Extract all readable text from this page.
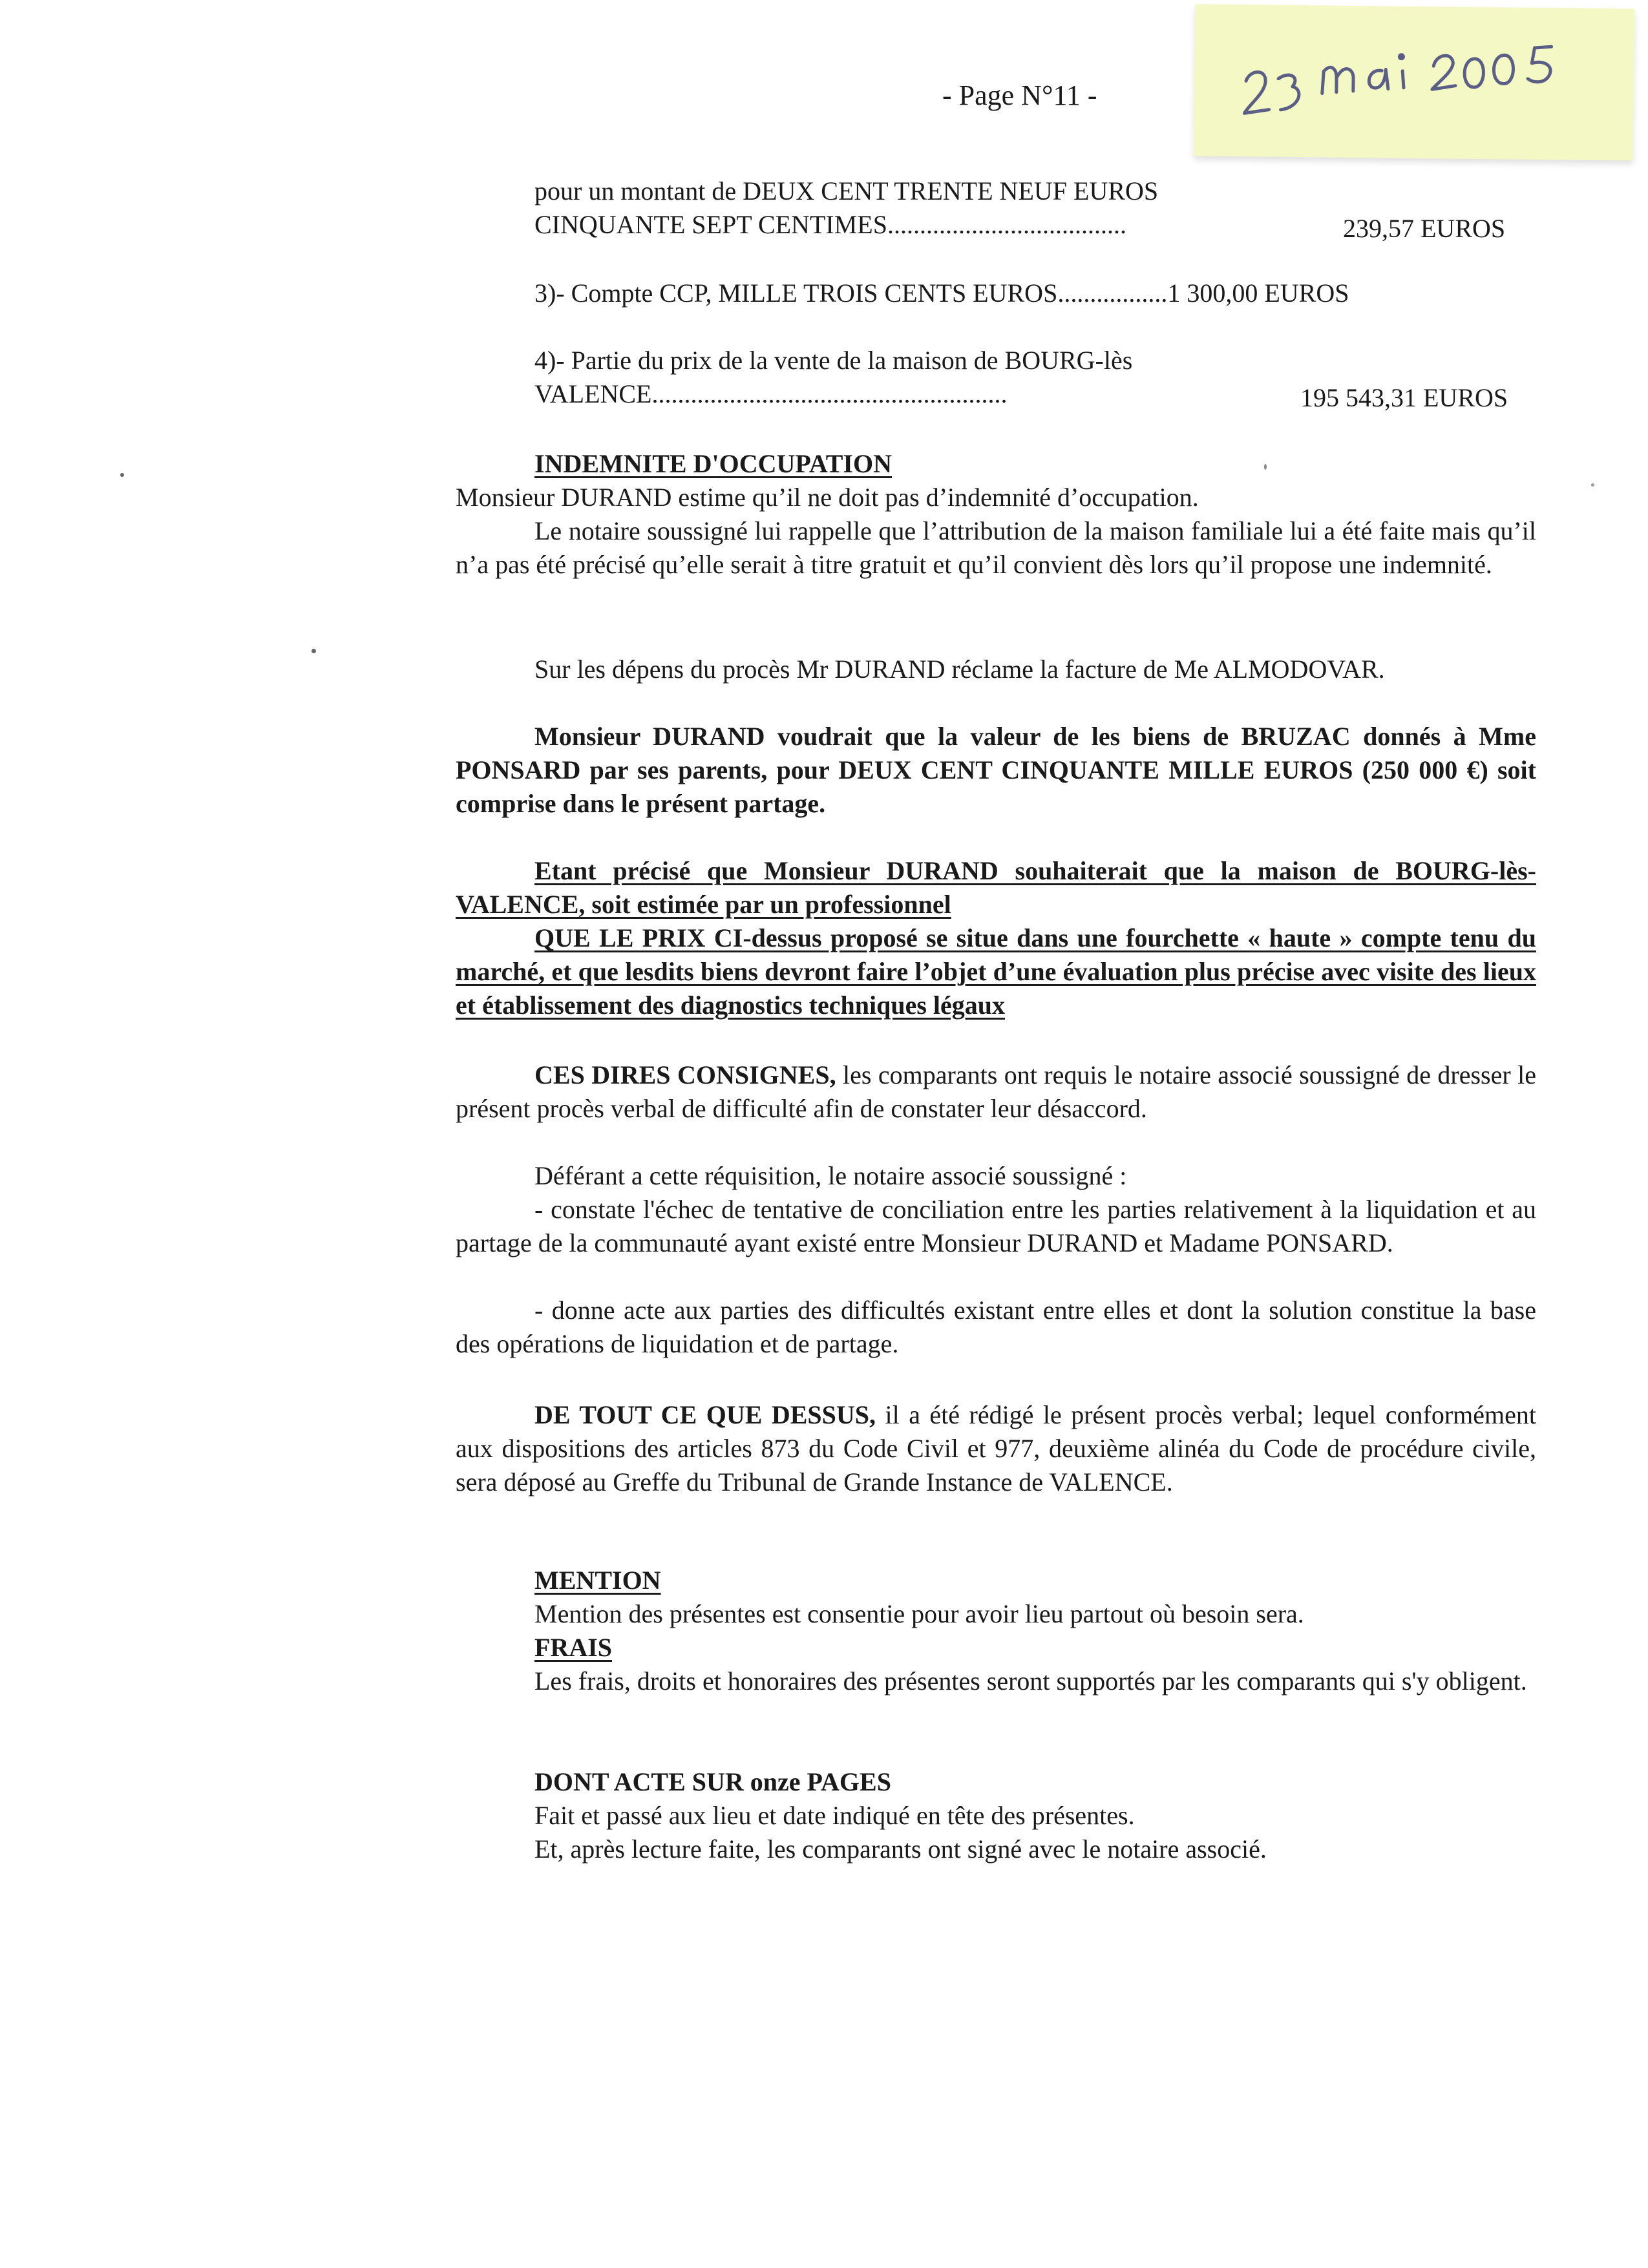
- Page N°11 -
pour un montant de DEUX CENT TRENTE NEUF EUROS
CINQUANTE SEPT CENTIMES.....................................	239,57 EUROS
3)- Compte CCP, MILLE TROIS CENTS EUROS.................1 300,00 EUROS
4)- Partie du prix de la vente de la maison de BOURG-lès
VALENCE.......................................................	195 543,31 EUROS
INDEMNITE D'OCCUPATION
Monsieur DURAND estime qu’il ne doit pas d’indemnité d’occupation.
Le notaire soussigné lui rappelle que l’attribution de la maison familiale lui a été faite mais qu’il n’a pas été précisé qu’elle serait à titre gratuit et qu’il convient dès lors qu’il propose une indemnité.
Sur les dépens du procès Mr DURAND réclame la facture de Me ALMODOVAR.
Monsieur DURAND voudrait que la valeur de les biens de BRUZAC donnés à Mme PONSARD par ses parents, pour DEUX CENT CINQUANTE MILLE EUROS (250 000 €) soit comprise dans le présent partage.
Etant précisé que Monsieur DURAND souhaiterait que la maison de BOURG-lès-VALENCE, soit estimée par un professionnel
QUE LE PRIX CI-dessus proposé se situe dans une fourchette « haute » compte tenu du marché, et que lesdits biens devront faire l’objet d’une évaluation plus précise avec visite des lieux et établissement des diagnostics techniques légaux
CES DIRES CONSIGNES, les comparants ont requis le notaire associé soussigné de dresser le présent procès verbal de difficulté afin de constater leur désaccord.
Déférant a cette réquisition, le notaire associé soussigné :
- constate l'échec de tentative de conciliation entre les parties relativement à la liquidation et au partage de la communauté ayant existé entre Monsieur DURAND et Madame PONSARD.
- donne acte aux parties des difficultés existant entre elles et dont la solution constitue la base des opérations de liquidation et de partage.
DE TOUT CE QUE DESSUS, il a été rédigé le présent procès verbal; lequel conformément aux dispositions des articles 873 du Code Civil et 977, deuxième alinéa du Code de procédure civile, sera déposé au Greffe du Tribunal de Grande Instance de VALENCE.
MENTION
Mention des présentes est consentie pour avoir lieu partout où besoin sera.
FRAIS
Les frais, droits et honoraires des présentes seront supportés par les comparants qui s'y obligent.
DONT ACTE SUR onze PAGES
Fait et passé aux lieu et date indiqué en tête des présentes.
Et, après lecture faite, les comparants ont signé avec le notaire associé.
